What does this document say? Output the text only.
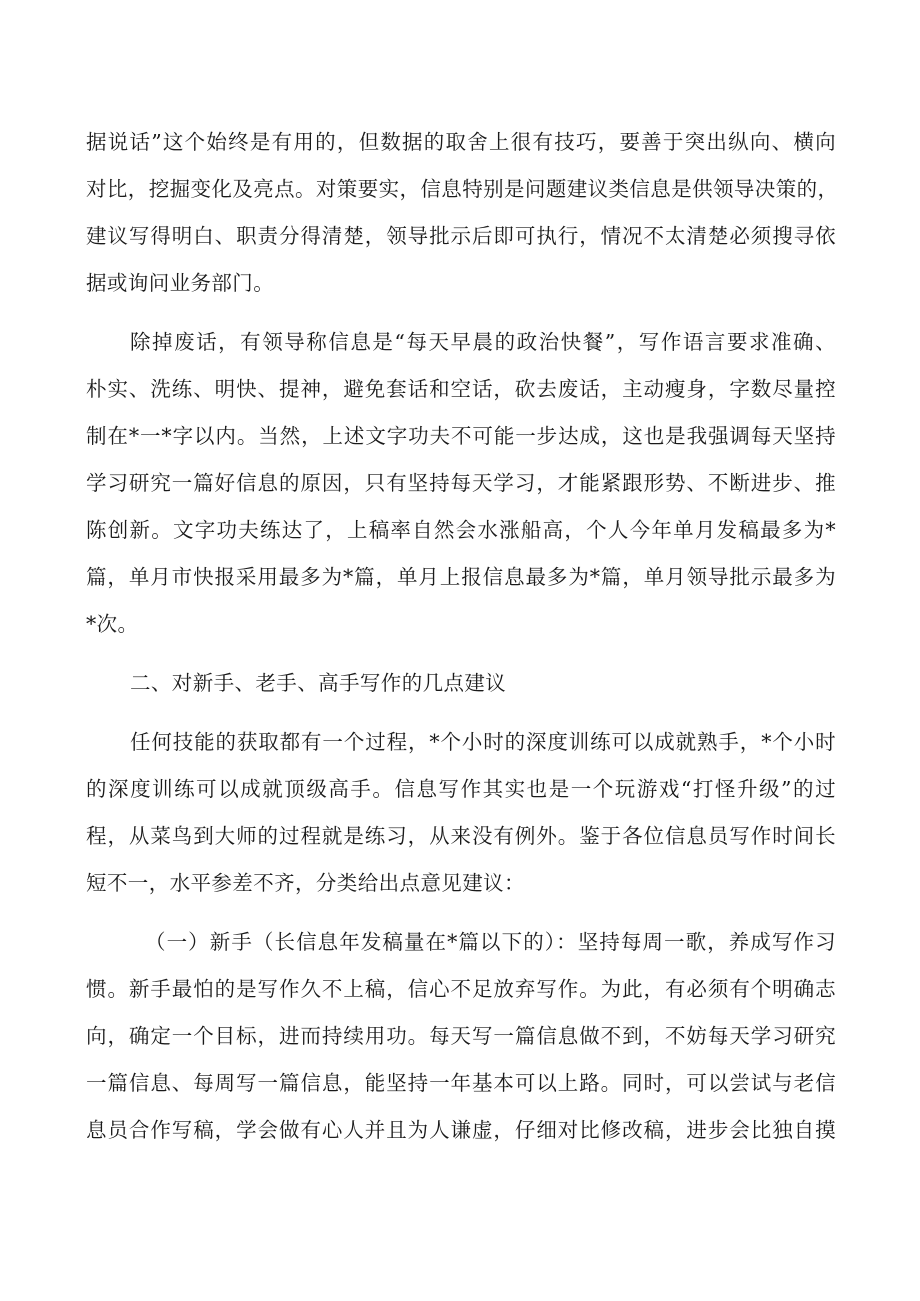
据说话”这个始终是有用的，但数据的取舍上很有技巧，要善于突出纵向、横向
对比，挖掘变化及亮点。对策要实，信息特别是问题建议类信息是供领导决策的，
建议写得明白、职责分得清楚，领导批示后即可执行，情况不太清楚必须搜寻依
据或询问业务部门。
除掉废话，有领导称信息是“每天早晨的政治快餐”，写作语言要求准确、
朴实、洗练、明快、提神，避免套话和空话，砍去废话，主动瘦身，字数尽量控
制在*一*字以内。当然，上述文字功夫不可能一步达成，这也是我强调每天坚持
学习研究一篇好信息的原因，只有坚持每天学习，才能紧跟形势、不断进步、推
陈创新。文字功夫练达了，上稿率自然会水涨船高，个人今年单月发稿最多为*
篇，单月市快报采用最多为*篇，单月上报信息最多为*篇，单月领导批示最多为
*次。
二、对新手、老手、高手写作的几点建议
任何技能的获取都有一个过程，*个小时的深度训练可以成就熟手，*个小时
的深度训练可以成就顶级高手。信息写作其实也是一个玩游戏“打怪升级”的过
程，从菜鸟到大师的过程就是练习，从来没有例外。鉴于各位信息员写作时间长
短不一，水平参差不齐，分类给出点意见建议：
（一）新手（长信息年发稿量在*篇以下的）：坚持每周一歌，养成写作习
惯。新手最怕的是写作久不上稿，信心不足放弃写作。为此，有必须有个明确志
向，确定一个目标，进而持续用功。每天写一篇信息做不到，不妨每天学习研究
一篇信息、每周写一篇信息，能坚持一年基本可以上路。同时，可以尝试与老信
息员合作写稿，学会做有心人并且为人谦虚，仔细对比修改稿，进步会比独自摸
